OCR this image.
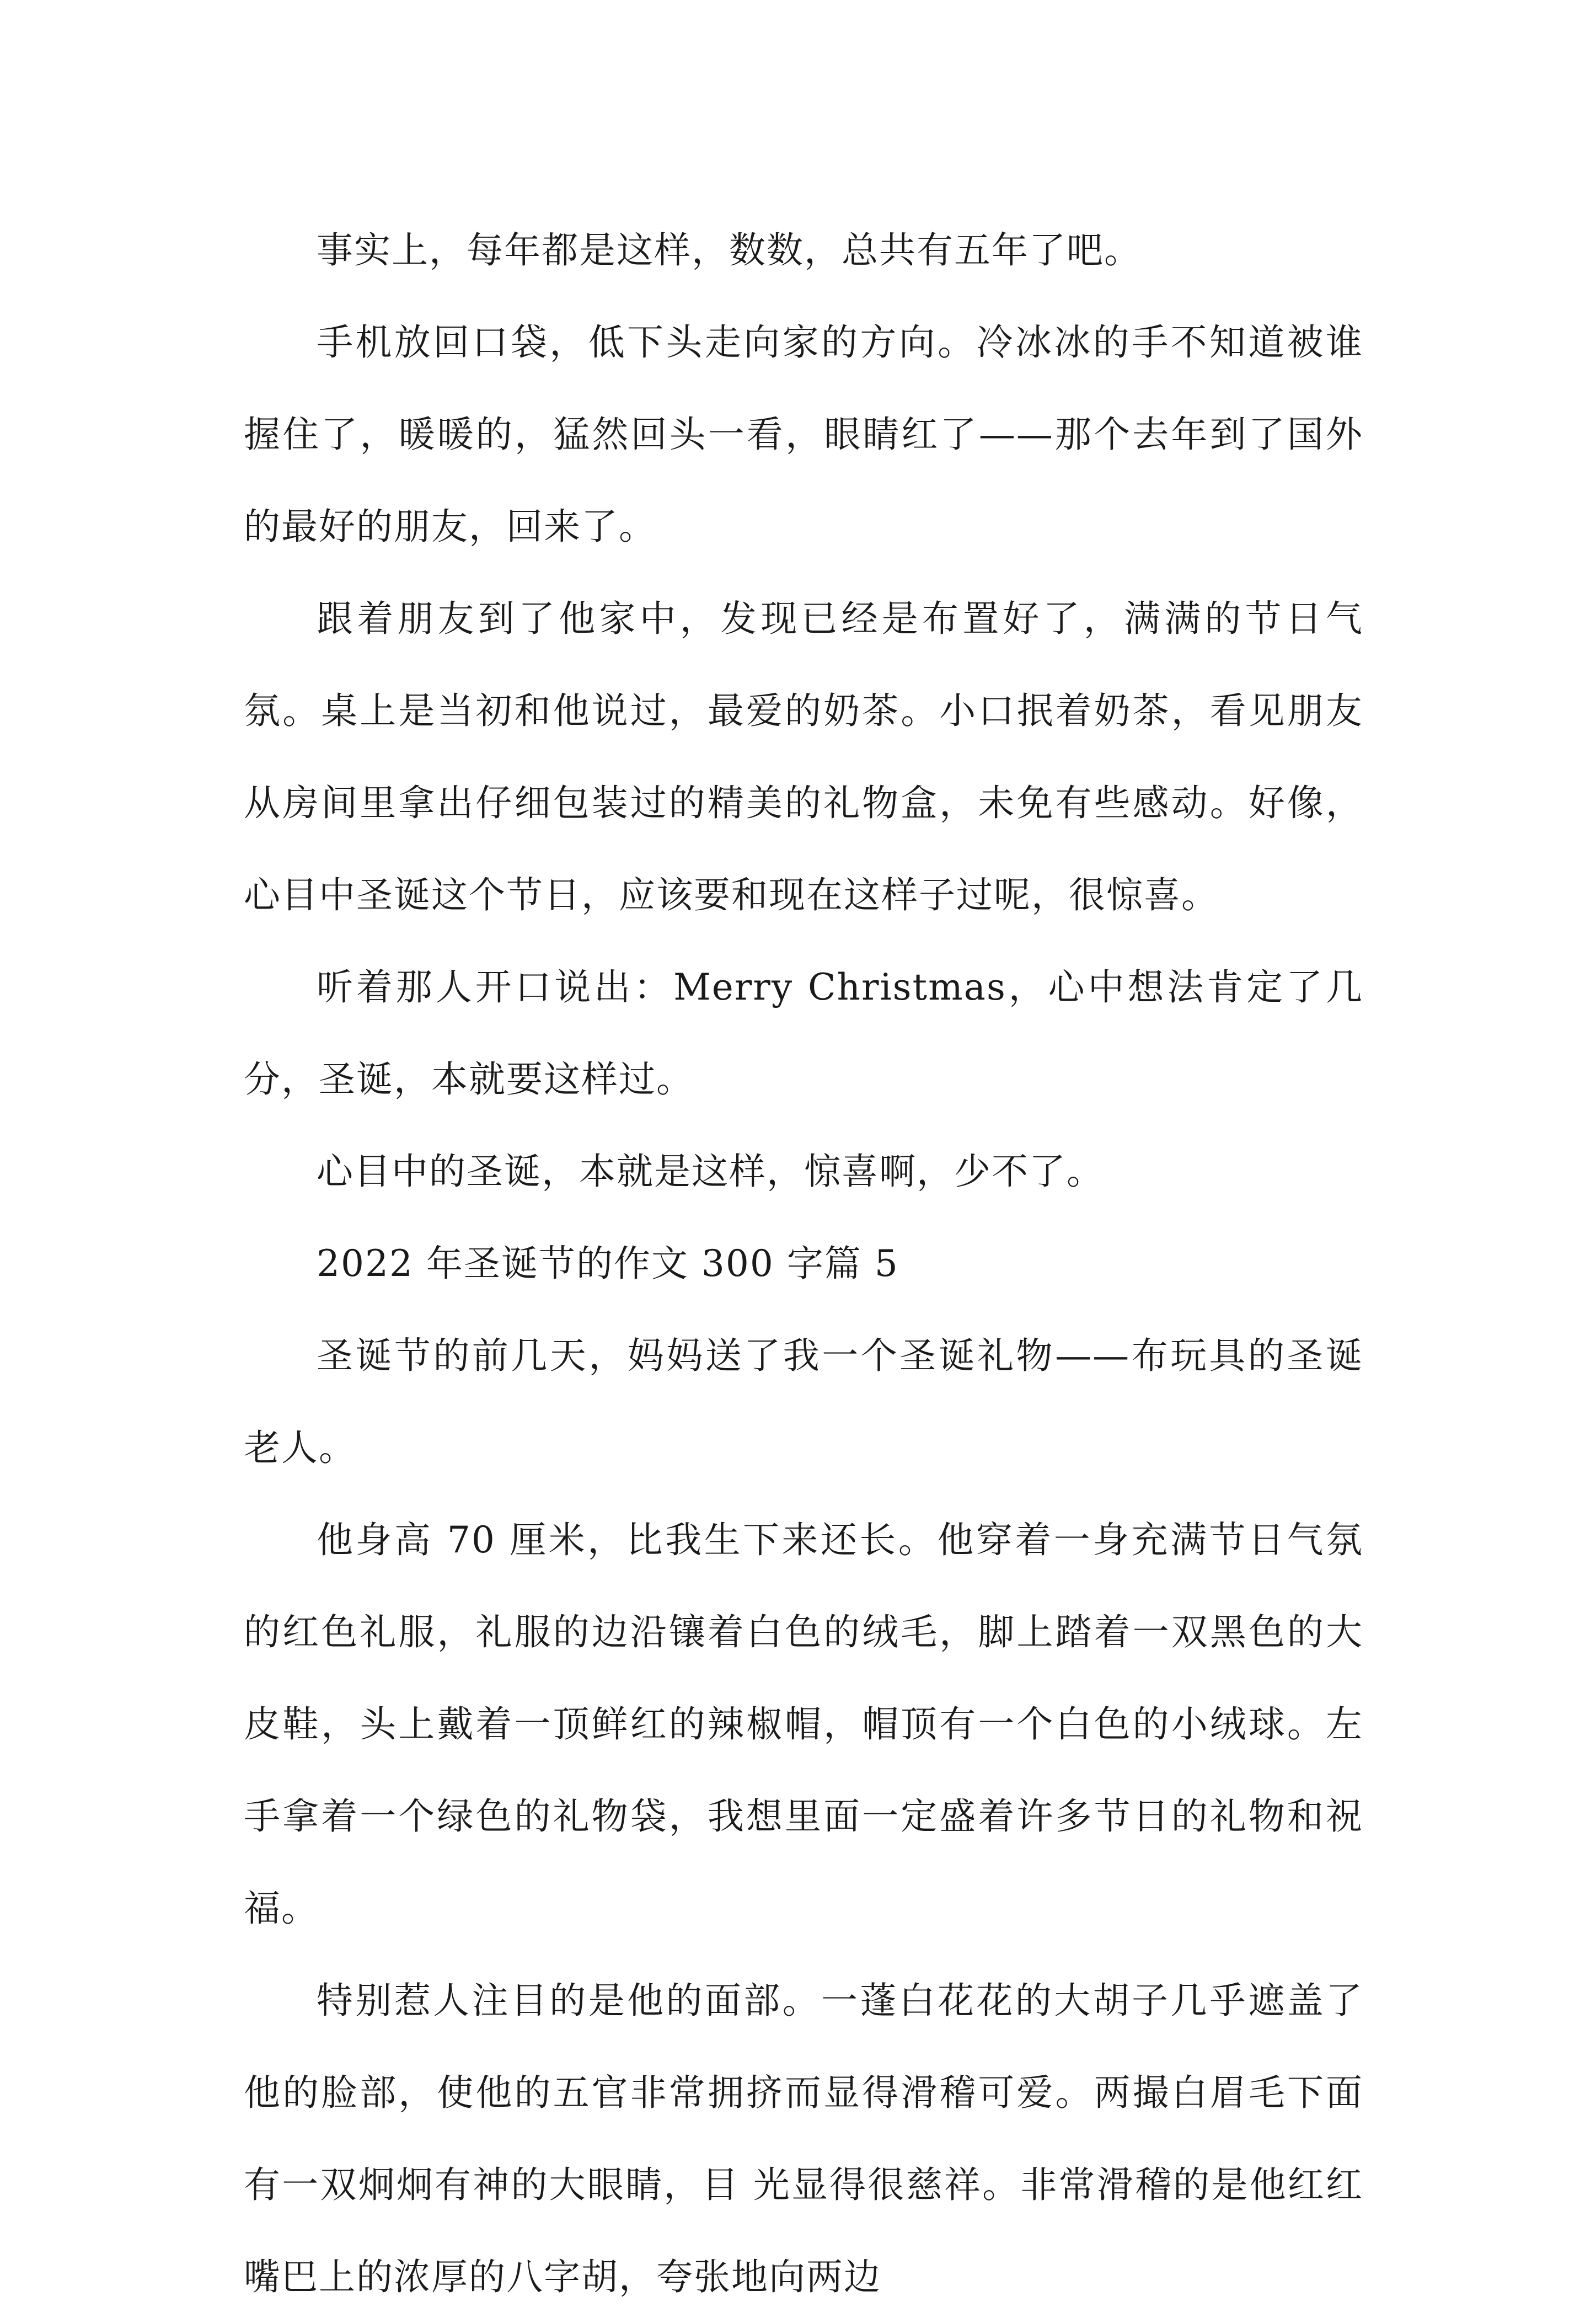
事实上，每年都是这样，数数，总共有五年了吧。

手机放回口袋，低下头走向家的方向。冷冰冰的手不知道被谁握住了，暖暖的，猛然回头一看，眼睛红了——那个去年到了国外的最好的朋友，回来了。

跟着朋友到了他家中，发现已经是布置好了，满满的节日气氛。桌上是当初和他说过，最爱的奶茶。小口抿着奶茶，看见朋友从房间里拿出仔细包装过的精美的礼物盒，未免有些感动。好像，心目中圣诞这个节日，应该要和现在这样子过呢，很惊喜。

听着那人开口说出：Merry Christmas，心中想法肯定了几分，圣诞，本就要这样过。

心目中的圣诞，本就是这样，惊喜啊，少不了。

2022 年圣诞节的作文 300 字篇 5

圣诞节的前几天，妈妈送了我一个圣诞礼物——布玩具的圣诞老人。

他身高 70 厘米，比我生下来还长。他穿着一身充满节日气氛的红色礼服，礼服的边沿镶着白色的绒毛，脚上踏着一双黑色的大皮鞋，头上戴着一顶鲜红的辣椒帽，帽顶有一个白色的小绒球。左手拿着一个绿色的礼物袋，我想里面一定盛着许多节日的礼物和祝福。

特别惹人注目的是他的面部。一蓬白花花的大胡子几乎遮盖了他的脸部，使他的五官非常拥挤而显得滑稽可爱。两撮白眉毛下面有一双炯炯有神的大眼睛，目 光显得很慈祥。非常滑稽的是他红红嘴巴上的浓厚的八字胡，夸张地向两边
